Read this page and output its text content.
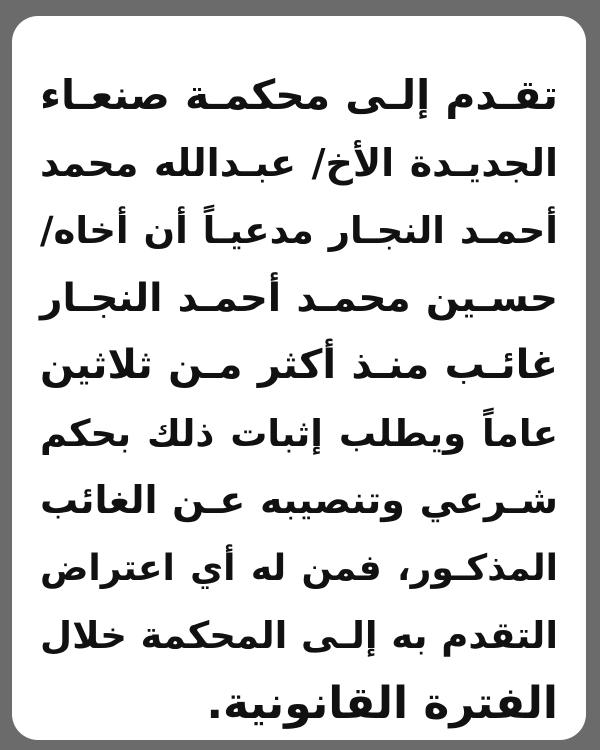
تقـدم إلـى محكمـة صنعـاء
الجديـدة الأخ/ عبـدالله محمد
أحمـد النجـار مدعيـاً أن أخاه/
حسـين محمـد أحمـد النجـار
غائـب منـذ أكثر مـن ثلاثين
عاماً ويطلب إثبات ذلك بحكم
شـرعي وتنصيبه عـن الغائب
المذكـور، فمن له أي اعتراض
التقدم به إلـى المحكمة خلال
الفترة القانونية.
